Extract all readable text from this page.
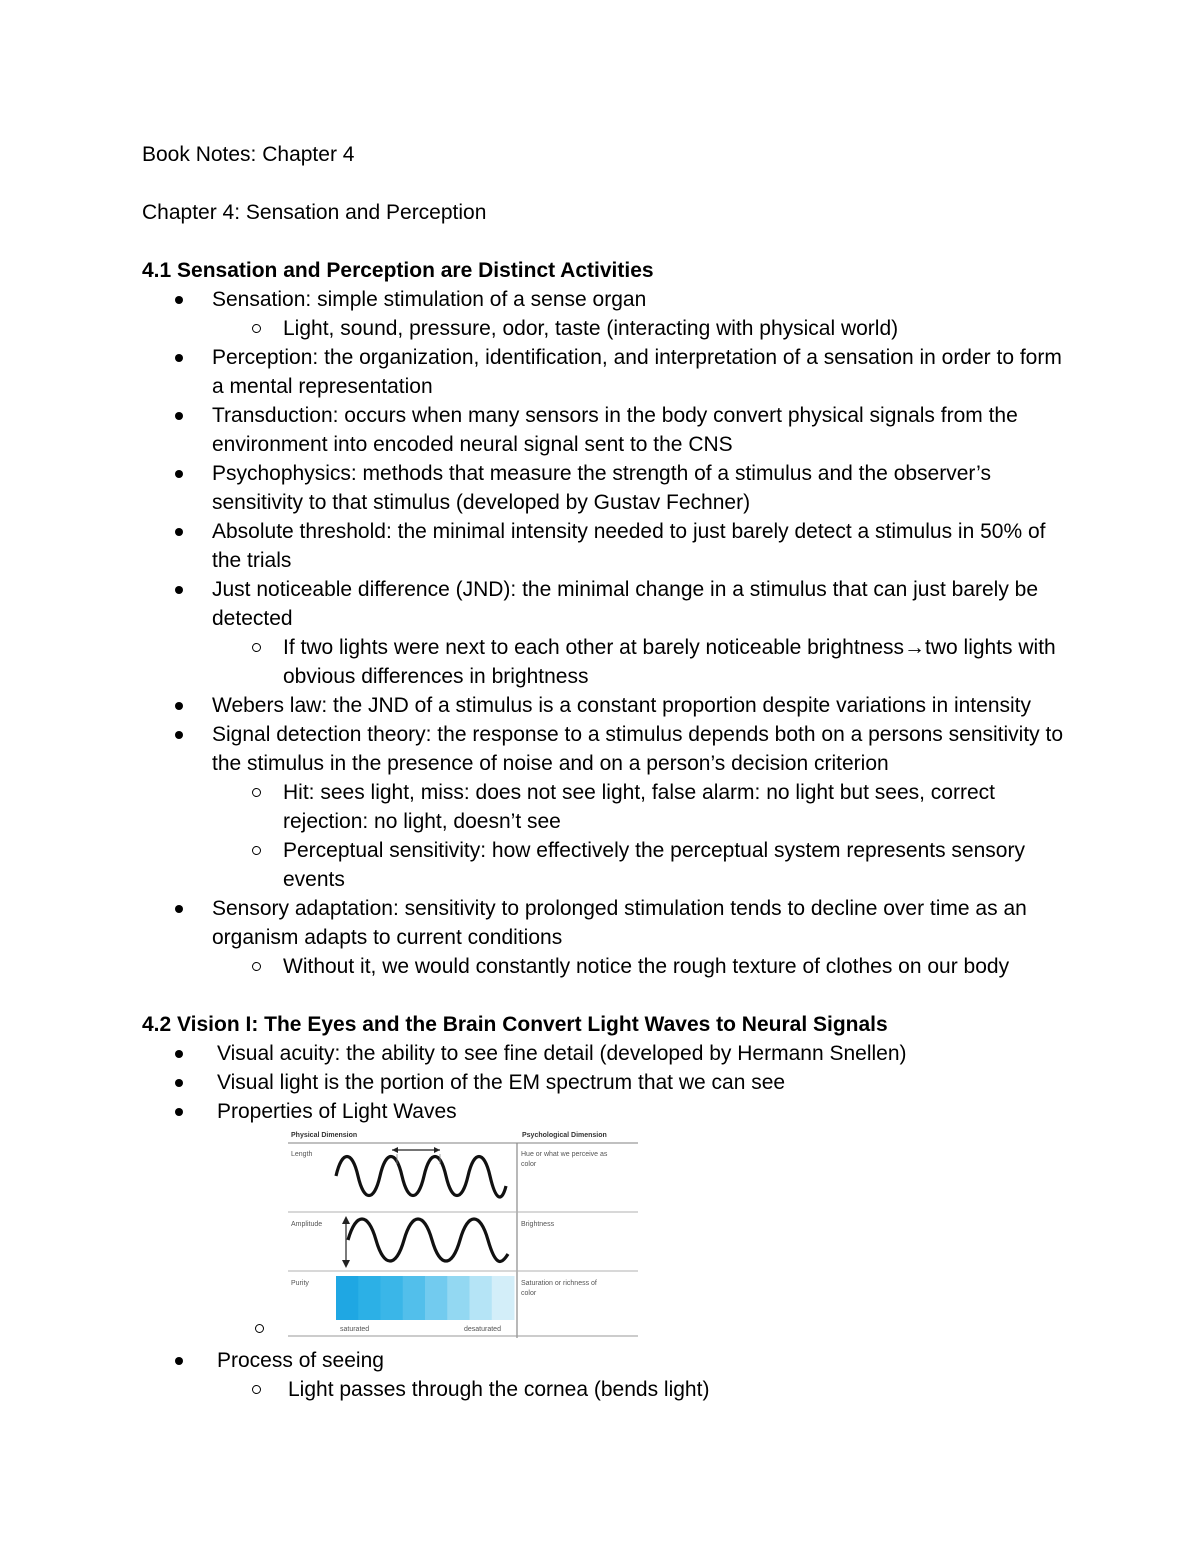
Book Notes: Chapter 4

Chapter 4: Sensation and Perception

4.1 Sensation and Perception are Distinct Activities

Sensation: simple stimulation of a sense organ
Light, sound, pressure, odor, taste (interacting with physical world)
Perception: the organization, identification, and interpretation of a sensation in order to form a mental representation
Transduction: occurs when many sensors in the body convert physical signals from the environment into encoded neural signal sent to the CNS
Psychophysics: methods that measure the strength of a stimulus and the observer’s sensitivity to that stimulus (developed by Gustav Fechner)
Absolute threshold: the minimal intensity needed to just barely detect a stimulus in 50% of the trials
Just noticeable difference (JND): the minimal change in a stimulus that can just barely be detected
If two lights were next to each other at barely noticeable brightness→two lights with obvious differences in brightness
Webers law: the JND of a stimulus is a constant proportion despite variations in intensity
Signal detection theory: the response to a stimulus depends both on a persons sensitivity to the stimulus in the presence of noise and on a person’s decision criterion
Hit: sees light, miss: does not see light, false alarm: no light but sees, correct rejection: no light, doesn’t see
Perceptual sensitivity: how effectively the perceptual system represents sensory events
Sensory adaptation: sensitivity to prolonged stimulation tends to decline over time as an organism adapts to current conditions
Without it, we would constantly notice the rough texture of clothes on our body

4.2 Vision I: The Eyes and the Brain Convert Light Waves to Neural Signals

Visual acuity: the ability to see fine detail (developed by Hermann Snellen)
Visual light is the portion of the EM spectrum that we can see
Properties of Light Waves
Physical Dimension	Psychological Dimension
Length
Amplitude
Purity
Hue or what we perceive as
color
Brightness
Saturation or richness of
color
saturated	desaturated
Process of seeing
Light passes through the cornea (bends light)
